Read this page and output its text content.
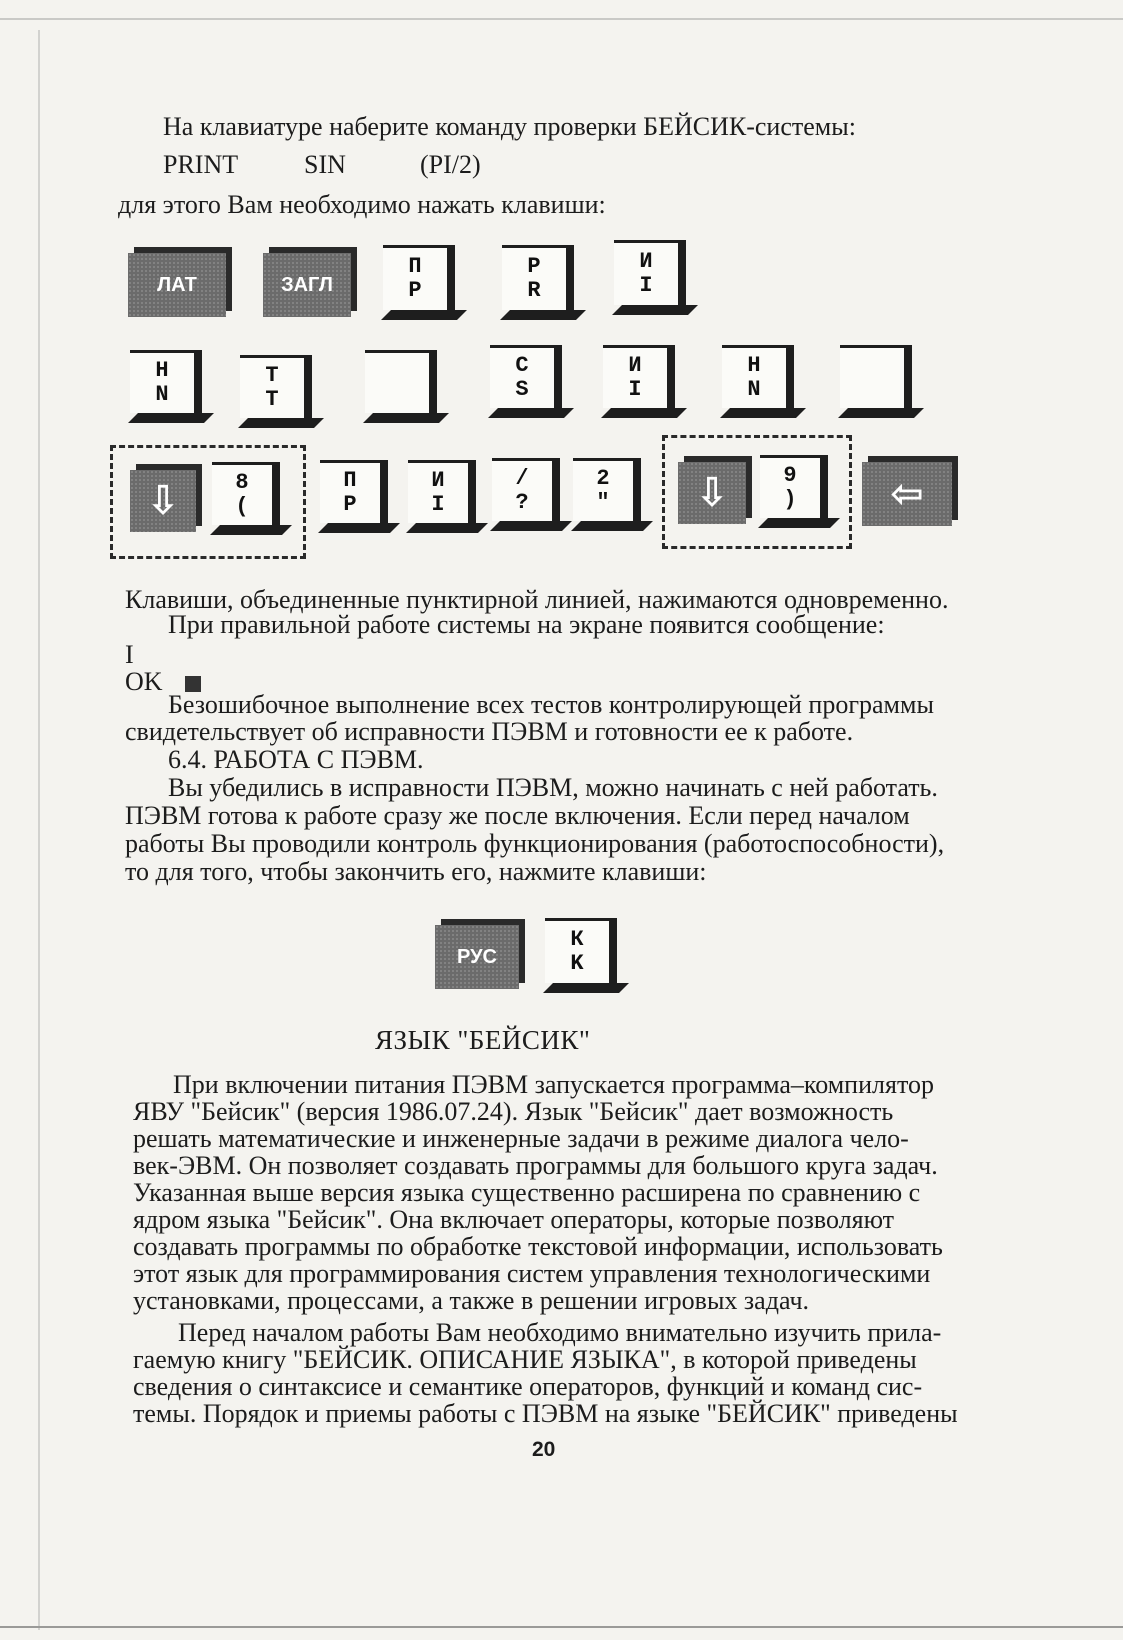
На клавиатуре наберите команду проверки БЕЙСИК-системы:
PRINT	SIN	(PI/2)
для этого Вам необходимо нажать клавиши:
ЛАТ	ЗАГЛ
П
P
Р
R
И
I
Н
N
Т
T
С
S
И
I
Н
N
⇩	8
(
П
P
И
I
/
?
2
" ⇩ 9
) ⇦
Клавиши, объединенные пунктирной линией, нажимаются одновременно.
При правильной работе системы на экране появится сообщение:
I
OK
Безошибочное выполнение всех тестов контролирующей программы
свидетельствует об исправности ПЭВМ и готовности ее к работе.
6.4. РАБОТА С ПЭВМ.
Вы убедились в исправности ПЭВМ, можно начинать с ней работать.
ПЭВМ готова к работе сразу же после включения. Если перед началом
работы Вы проводили контроль функционирования (работоспособности),
то для того, чтобы закончить его, нажмите клавиши:
РУС
К
K
ЯЗЫК "БЕЙСИК"
При включении питания ПЭВМ запускается программа–компилятор
ЯВУ "Бейсик" (версия 1986.07.24). Язык "Бейсик" дает возможность
решать математические и инженерные задачи в режиме диалога чело-
век-ЭВМ. Он позволяет создавать программы для большого круга задач.
Указанная выше версия языка существенно расширена по сравнению с
ядром языка "Бейсик". Она включает операторы, которые позволяют
создавать программы по обработке текстовой информации, использовать
этот язык для программирования систем управления технологическими
установками, процессами, а также в решении игровых задач.
Перед началом работы Вам необходимо внимательно изучить прила-
гаемую книгу "БЕЙСИК. ОПИСАНИЕ ЯЗЫКА", в которой приведены
сведения о синтаксисе и семантике операторов, функций и команд сис-
темы. Порядок и приемы работы с ПЭВМ на языке "БЕЙСИК" приведены
20
